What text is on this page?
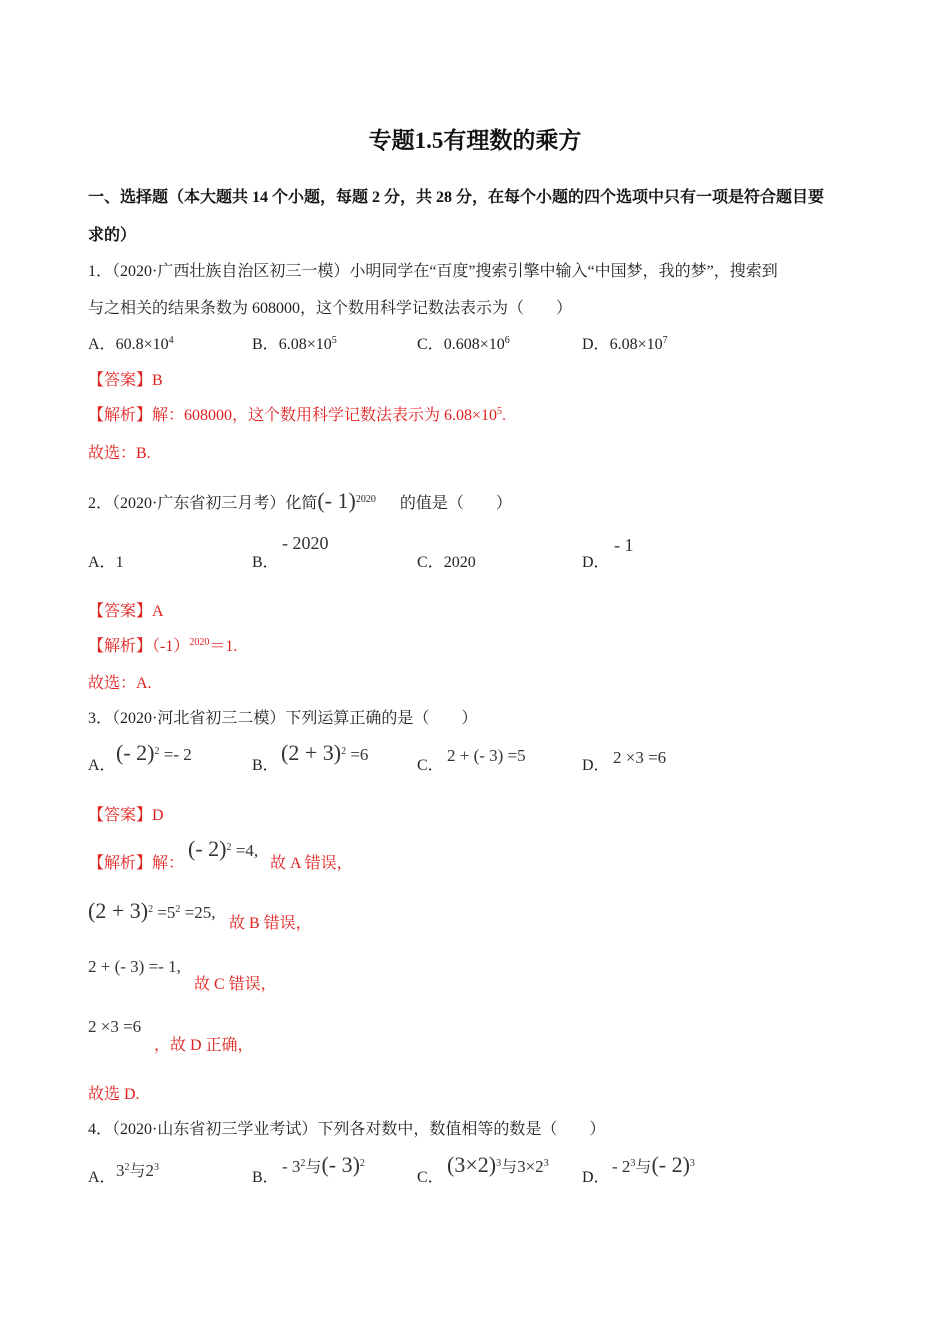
专题1.5有理数的乘方
一、选择题（本大题共 14 个小题，每题 2 分，共 28 分，在每个小题的四个选项中只有一项是符合题目要
求的）
1．（2020·广西壮族自治区初三一模）小明同学在“百度”搜索引擎中输入“中国梦，我的梦”，搜索到
与之相关的结果条数为 608000，这个数用科学记数法表示为（　　）
A．$60.8\times 10^4$	B．$6.08\times 10^5$	C．$0.608\times 10^6$	D．$6.08\times 10^7$
【答案】B
【解析】解：608000，这个数用科学记数法表示为 $6.08\times 10^5$.
故选：B.
2．（2020·广东省初三月考）化简(- 1)$^{2020}$ 的值是（　　）
A．1	B．
- 2020
C．2020	D．
- 1
【答案】A
【解析】$(-1)^{2020}=1$.
故选：A.
3．（2020·河北省初三二模）下列运算正确的是（　　）
A．
(- 2)$^2$ =- 2
B．
$(2 + 3)^2 =6$
C．
2 + (- 3) =5
D． 2 ×3 =6
【答案】D
【解析】解：
(- 2)$^2$ =4,
故 A 错误，
$(2 + 3)^2 =5^2 =25$,
故 B 错误，
2 + (- 3) =- 1,
故 C 错误，
2 ×3 =6
，故 D 正确，
故选 D.
4．（2020·山东省初三学业考试）下列各对数中，数值相等的数是（　　）
A． $3^2$与$2^3$
B．
- $3^2$与(- 3)$^2$
C．
$(3\times 2)^3$与$3\times 2^3$
D．
- $2^3$与(- 2)$^3$
